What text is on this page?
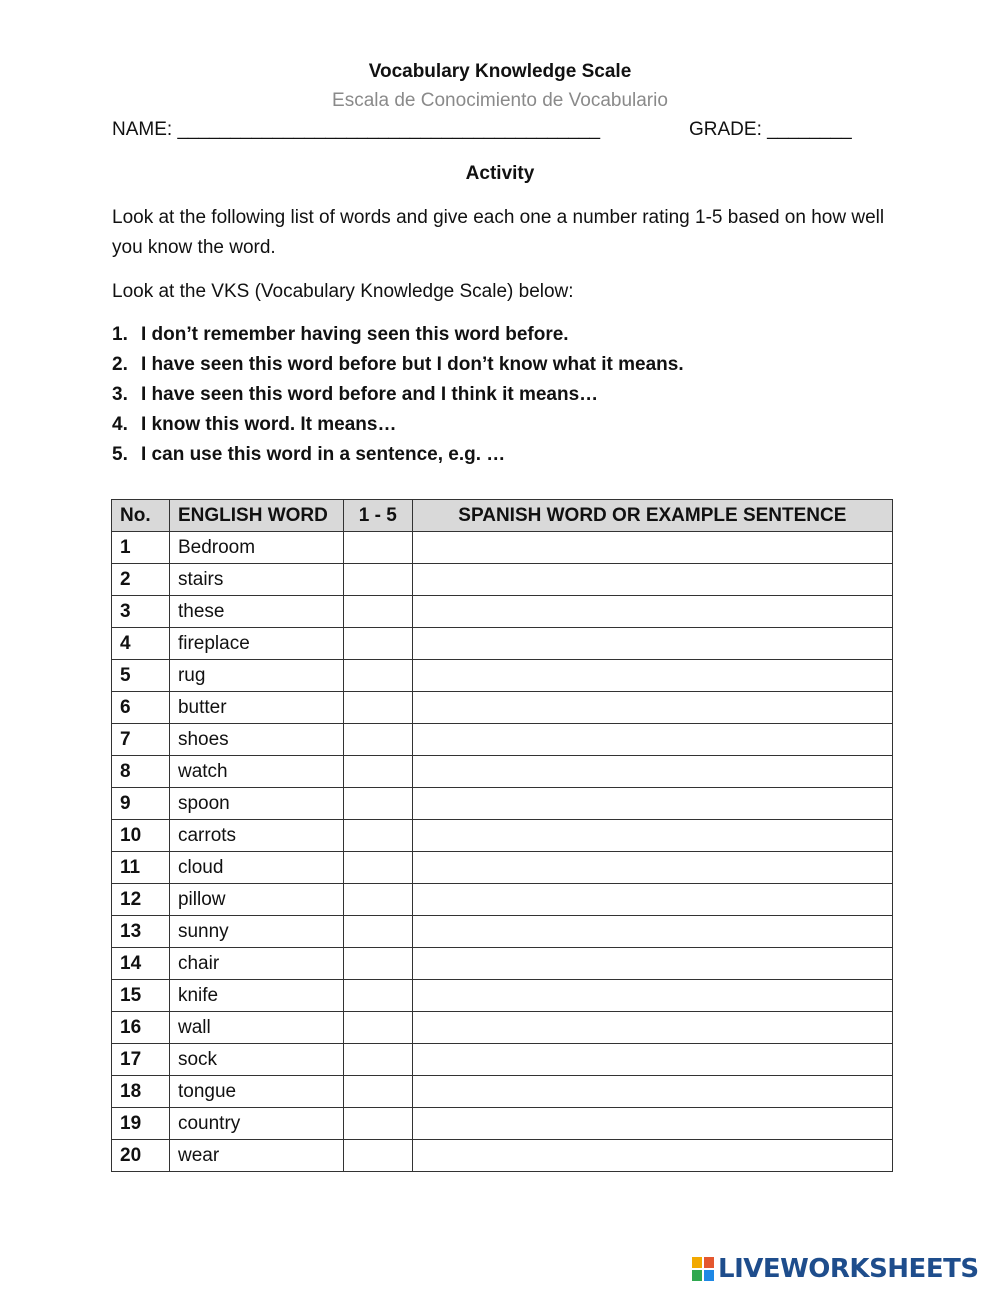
Vocabulary Knowledge Scale
Escala de Conocimiento de Vocabulario
NAME: ________________________________________	GRADE: ________
Activity
Look at the following list of words and give each one a number rating 1-5 based on how well you know the word.
Look at the VKS (Vocabulary Knowledge Scale) below:
1. I don’t remember having seen this word before.
2. I have seen this word before but I don’t know what it means.
3. I have seen this word before and I think it means…
4. I know this word. It means…
5. I can use this word in a sentence, e.g. …
No.	ENGLISH WORD	1 - 5	SPANISH WORD OR EXAMPLE SENTENCE
1	Bedroom		
2	stairs		
3	these		
4	fireplace		
5	rug		
6	butter		
7	shoes		
8	watch		
9	spoon		
10	carrots		
11	cloud		
12	pillow		
13	sunny		
14	chair		
15	knife		
16	wall		
17	sock		
18	tongue		
19	country		
20	wear		
LIVEWORKSHEETS
